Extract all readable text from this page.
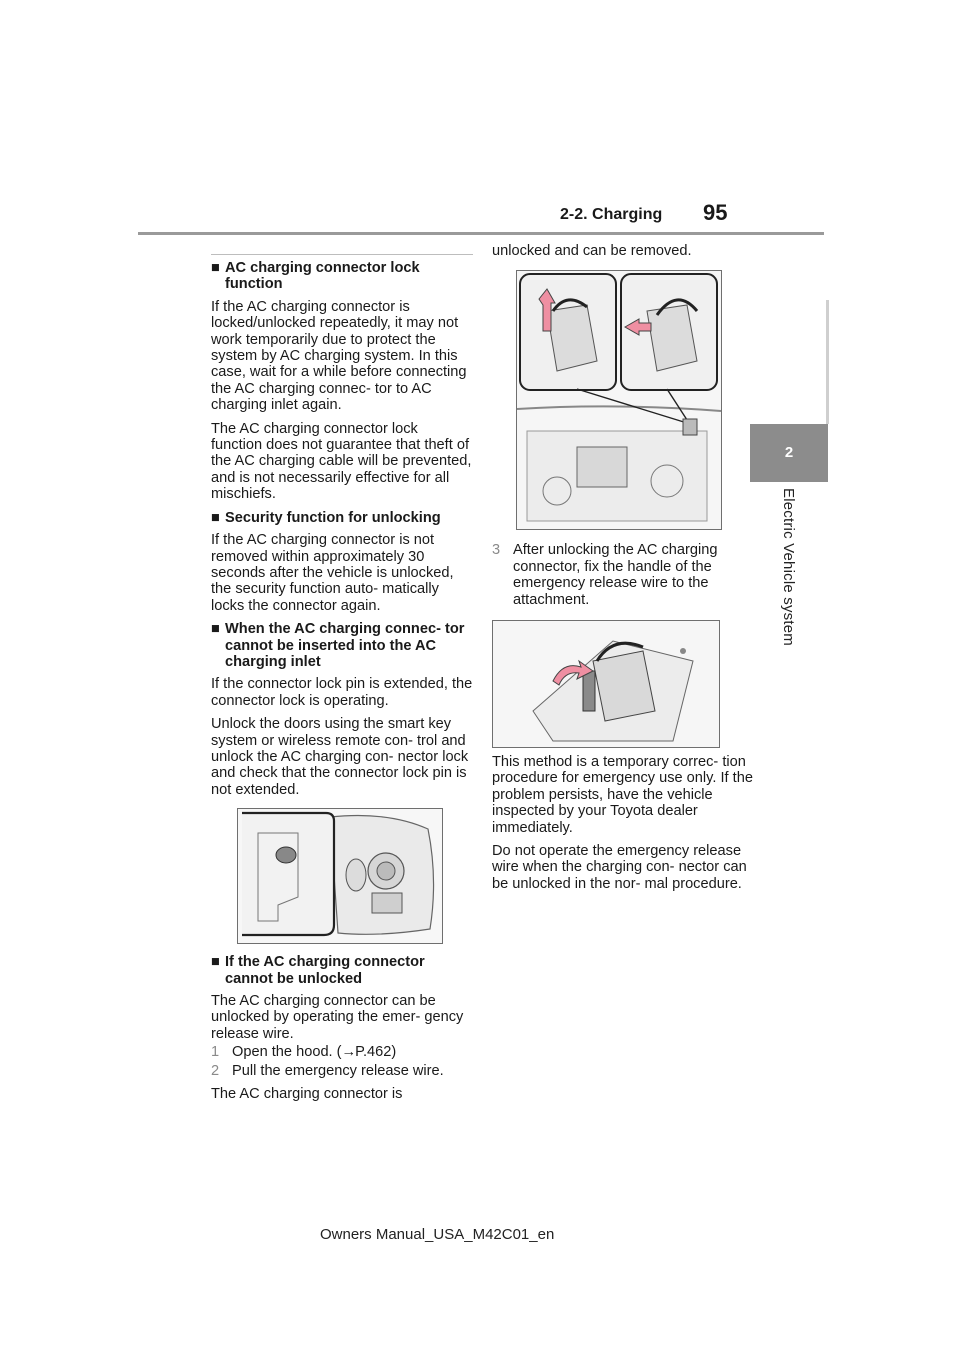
2-2. Charging 95
2
Electric Vehicle system
■ AC charging connector lock function

If the AC charging connector is locked/unlocked repeatedly, it may not work temporarily due to protect the system by AC charging system. In this case, wait for a while before connecting the AC charging connec- tor to AC charging inlet again.

The AC charging connector lock function does not guarantee that theft of the AC charging cable will be prevented, and is not necessarily effective for all mischiefs.

■ Security function for unlocking

If the AC charging connector is not removed within approximately 30 seconds after the vehicle is unlocked, the security function auto- matically locks the connector again.

■ When the AC charging connec- tor cannot be inserted into the AC charging inlet

If the connector lock pin is extended, the connector lock is operating.

Unlock the doors using the smart key system or wireless remote con- trol and unlock the AC charging con- nector lock and check that the connector lock pin is not extended.

■ If the AC charging connector cannot be unlocked

The AC charging connector can be unlocked by operating the emer- gency release wire.

1 Open the hood. (→P.462)
2 Pull the emergency release wire.

The AC charging connector is

unlocked and can be removed.

3 After unlocking the AC charging connector, fix the handle of the emergency release wire to the attachment.

This method is a temporary correc- tion procedure for emergency use only. If the problem persists, have the vehicle inspected by your Toyota dealer immediately.

Do not operate the emergency release wire when the charging con- nector can be unlocked in the nor- mal procedure.

Owners Manual_USA_M42C01_en
